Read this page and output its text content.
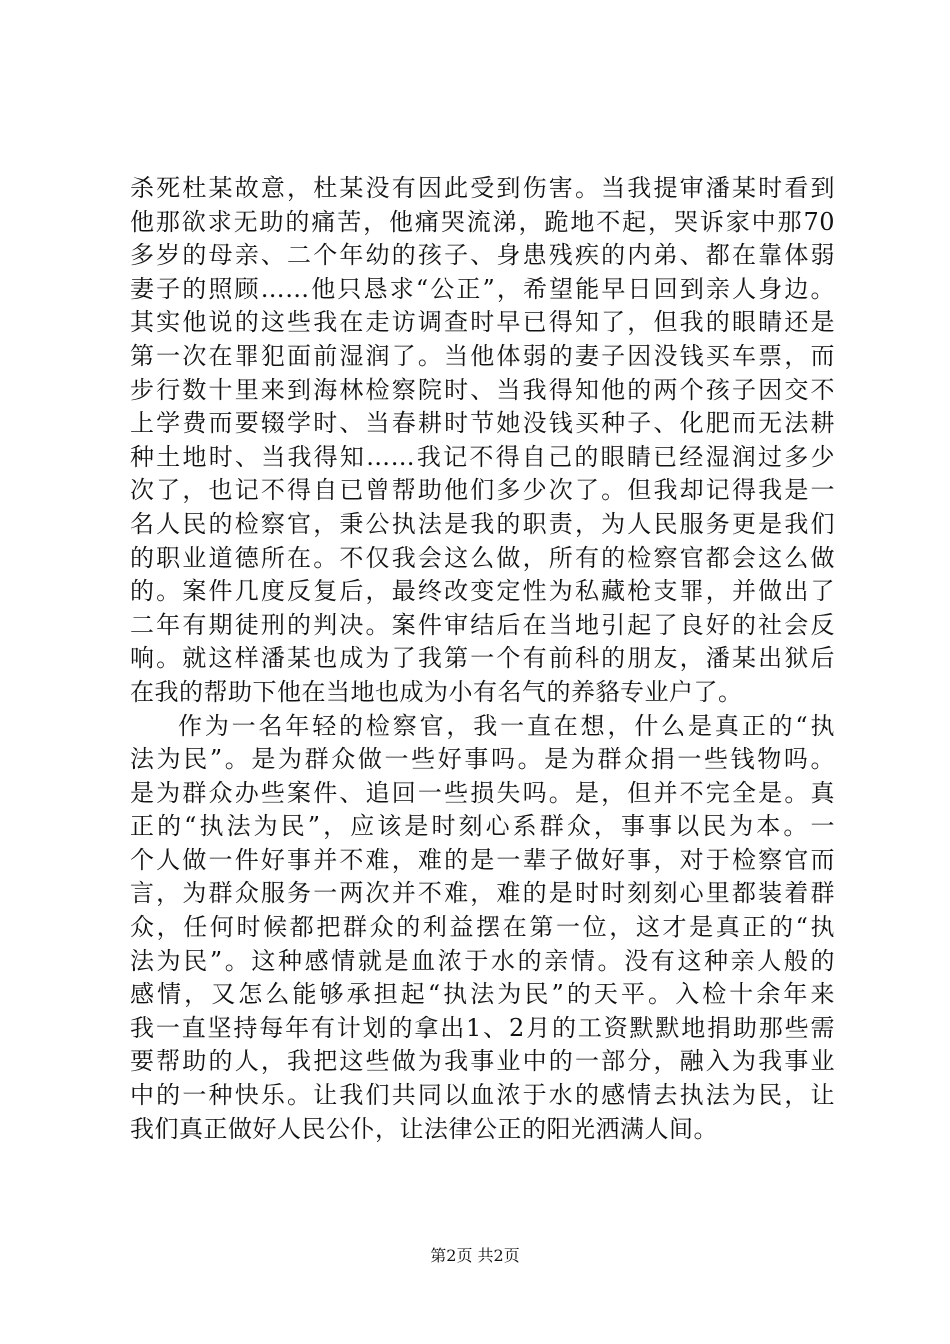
杀死杜某故意，杜某没有因此受到伤害。当我提审潘某时看到
他那欲求无助的痛苦，他痛哭流涕，跪地不起，哭诉家中那70
多岁的母亲、二个年幼的孩子、身患残疾的内弟、都在靠体弱
妻子的照顾……他只恳求“公正”，希望能早日回到亲人身边。
其实他说的这些我在走访调查时早已得知了，但我的眼睛还是
第一次在罪犯面前湿润了。当他体弱的妻子因没钱买车票，而
步行数十里来到海林检察院时、当我得知他的两个孩子因交不
上学费而要辍学时、当春耕时节她没钱买种子、化肥而无法耕
种土地时、当我得知……我记不得自己的眼睛已经湿润过多少
次了，也记不得自已曾帮助他们多少次了。但我却记得我是一
名人民的检察官，秉公执法是我的职责，为人民服务更是我们
的职业道德所在。不仅我会这么做，所有的检察官都会这么做
的。案件几度反复后，最终改变定性为私藏枪支罪，并做出了
二年有期徒刑的判决。案件审结后在当地引起了良好的社会反
响。就这样潘某也成为了我第一个有前科的朋友，潘某出狱后
在我的帮助下他在当地也成为小有名气的养貉专业户了。
作为一名年轻的检察官，我一直在想，什么是真正的“执
法为民”。是为群众做一些好事吗。是为群众捐一些钱物吗。
是为群众办些案件、追回一些损失吗。是，但并不完全是。真
正的“执法为民”，应该是时刻心系群众，事事以民为本。一
个人做一件好事并不难，难的是一辈子做好事，对于检察官而
言，为群众服务一两次并不难，难的是时时刻刻心里都装着群
众，任何时候都把群众的利益摆在第一位，这才是真正的“执
法为民”。这种感情就是血浓于水的亲情。没有这种亲人般的
感情，又怎么能够承担起“执法为民”的天平。入检十余年来
我一直坚持每年有计划的拿出1、2月的工资默默地捐助那些需
要帮助的人，我把这些做为我事业中的一部分，融入为我事业
中的一种快乐。让我们共同以血浓于水的感情去执法为民，让
我们真正做好人民公仆，让法律公正的阳光洒满人间。
第2页 共2页
